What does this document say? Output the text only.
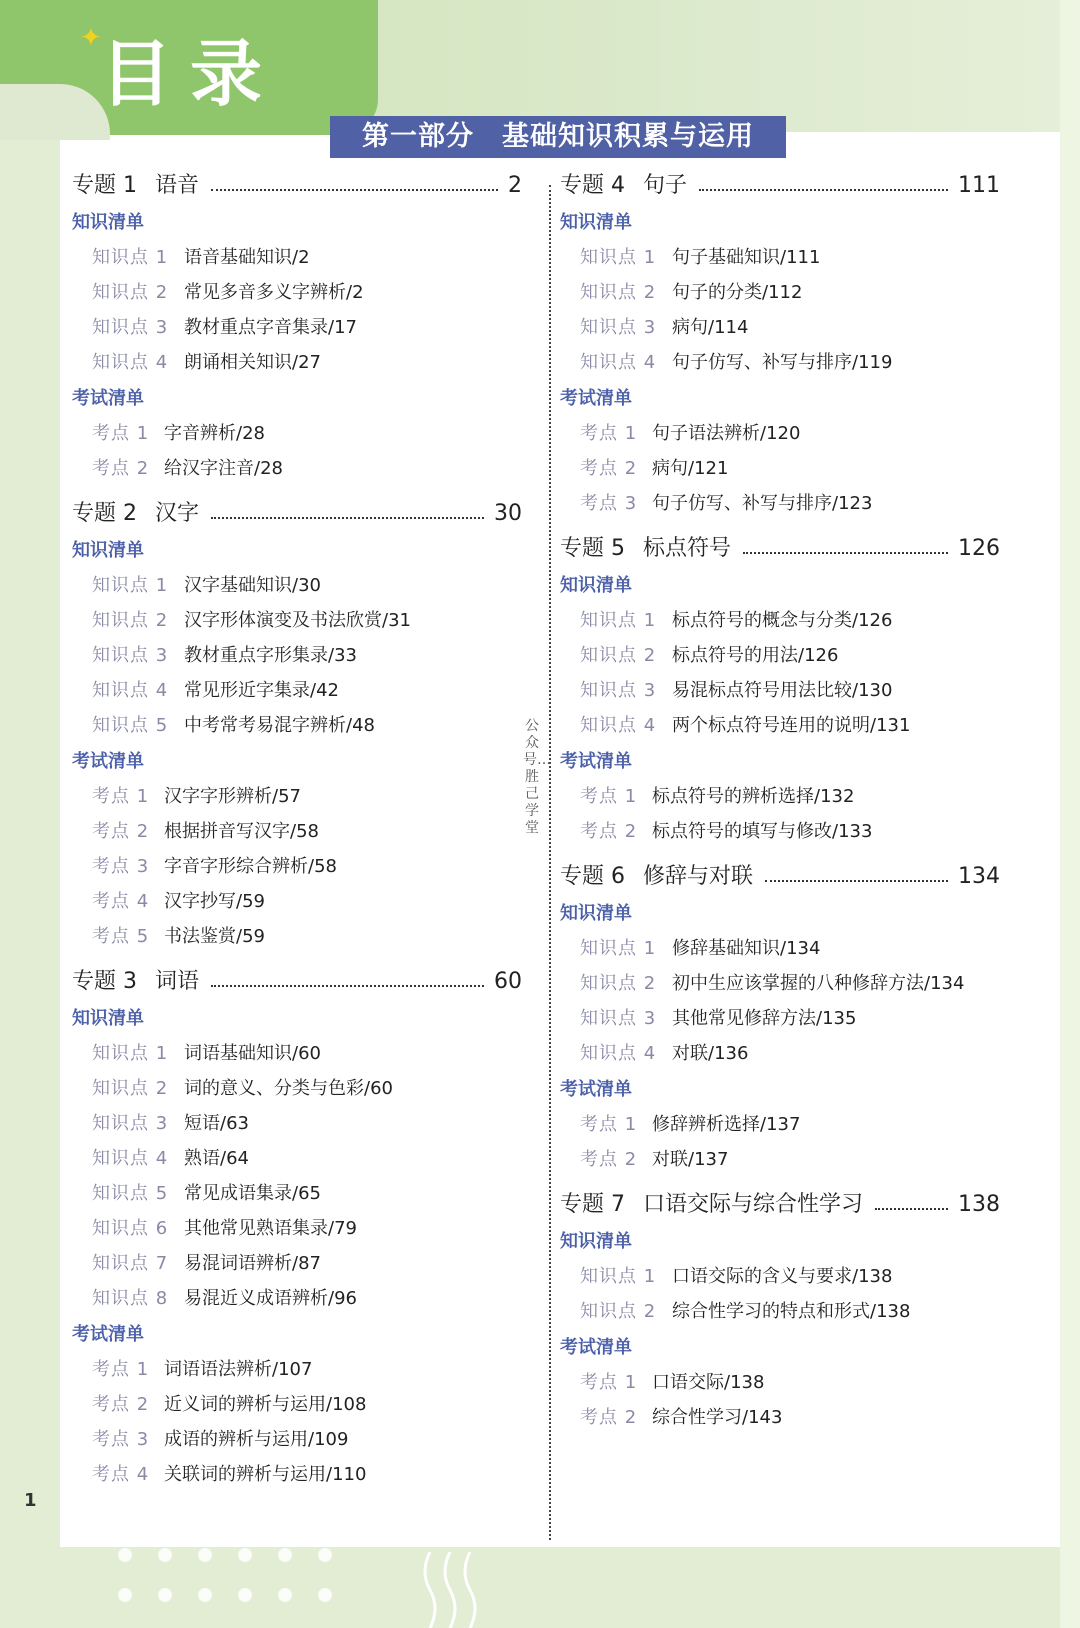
✦
目录
第一部分　基础知识积累与运用
公众号…胜己学堂
专题 1 语音	2
知识清单
知识点 1 语音基础知识/2
知识点 2 常见多音多义字辨析/2
知识点 3 教材重点字音集录/17
知识点 4 朗诵相关知识/27
考试清单
考点 1 字音辨析/28
考点 2 给汉字注音/28
专题 2 汉字	30
知识清单
知识点 1 汉字基础知识/30
知识点 2 汉字形体演变及书法欣赏/31
知识点 3 教材重点字形集录/33
知识点 4 常见形近字集录/42
知识点 5 中考常考易混字辨析/48
考试清单
考点 1 汉字字形辨析/57
考点 2 根据拼音写汉字/58
考点 3 字音字形综合辨析/58
考点 4 汉字抄写/59
考点 5 书法鉴赏/59
专题 3 词语	60
知识清单
知识点 1 词语基础知识/60
知识点 2 词的意义、分类与色彩/60
知识点 3 短语/63
知识点 4 熟语/64
知识点 5 常见成语集录/65
知识点 6 其他常见熟语集录/79
知识点 7 易混词语辨析/87
知识点 8 易混近义成语辨析/96
考试清单
考点 1 词语语法辨析/107
考点 2 近义词的辨析与运用/108
考点 3 成语的辨析与运用/109
考点 4 关联词的辨析与运用/110
专题 4 句子	111
知识清单
知识点 1 句子基础知识/111
知识点 2 句子的分类/112
知识点 3 病句/114
知识点 4 句子仿写、补写与排序/119
考试清单
考点 1 句子语法辨析/120
考点 2 病句/121
考点 3 句子仿写、补写与排序/123
专题 5 标点符号	126
知识清单
知识点 1 标点符号的概念与分类/126
知识点 2 标点符号的用法/126
知识点 3 易混标点符号用法比较/130
知识点 4 两个标点符号连用的说明/131
考试清单
考点 1 标点符号的辨析选择/132
考点 2 标点符号的填写与修改/133
专题 6 修辞与对联	134
知识清单
知识点 1 修辞基础知识/134
知识点 2 初中生应该掌握的八种修辞方法/134
知识点 3 其他常见修辞方法/135
知识点 4 对联/136
考试清单
考点 1 修辞辨析选择/137
考点 2 对联/137
专题 7 口语交际与综合性学习	138
知识清单
知识点 1 口语交际的含义与要求/138
知识点 2 综合性学习的特点和形式/138
考试清单
考点 1 口语交际/138
考点 2 综合性学习/143
1
